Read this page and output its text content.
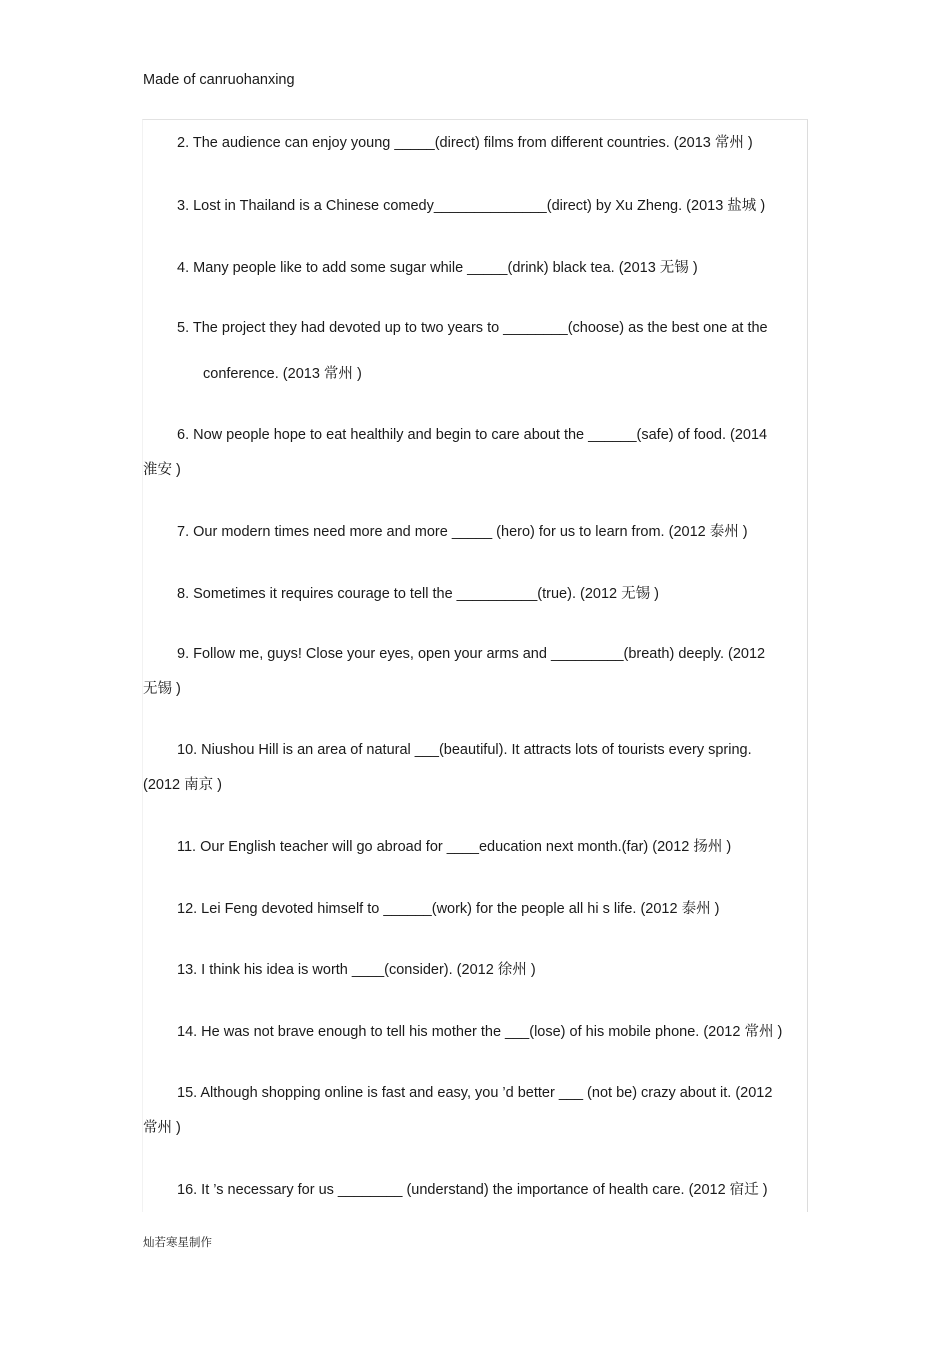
Made of canruohanxing
2. The audience can enjoy young _____(direct) films from different countries. (2013 常州 )
3. Lost in Thailand is a Chinese comedy______________(direct) by Xu Zheng. (2013 盐城 )
4. Many people like to add some sugar while _____(drink) black tea. (2013 无锡 )
5. The project they had devoted up to two years to ________(choose) as the best one at the
conference. (2013 常州 )
6. Now people hope to eat healthily and begin to care about the ______(safe) of food. (2014
淮安 )
7. Our modern times need more and more _____ (hero) for us to learn from. (2012 泰州 )
8. Sometimes it requires courage to tell the __________(true). (2012 无锡 )
9. Follow me, guys! Close your eyes, open your arms and _________(breath) deeply. (2012
无锡 )
10. Niushou Hill is an area of natural ___(beautiful). It attracts lots of tourists every spring.
(2012 南京 )
11. Our English teacher will go abroad for ____education next month.(far) (2012 扬州 )
12. Lei Feng devoted himself to ______(work) for the people all hi s life. (2012 泰州 )
13. I think his idea is worth ____(consider). (2012 徐州 )
14. He was not brave enough to tell his mother the ___(lose) of his mobile phone. (2012 常州 )
15. Although shopping online is fast and easy, you ’d better ___ (not be) crazy about it. (2012
常州 )
16. It ’s necessary for us ________ (understand) the importance of health care. (2012 宿迁 )
灿若寒星制作
